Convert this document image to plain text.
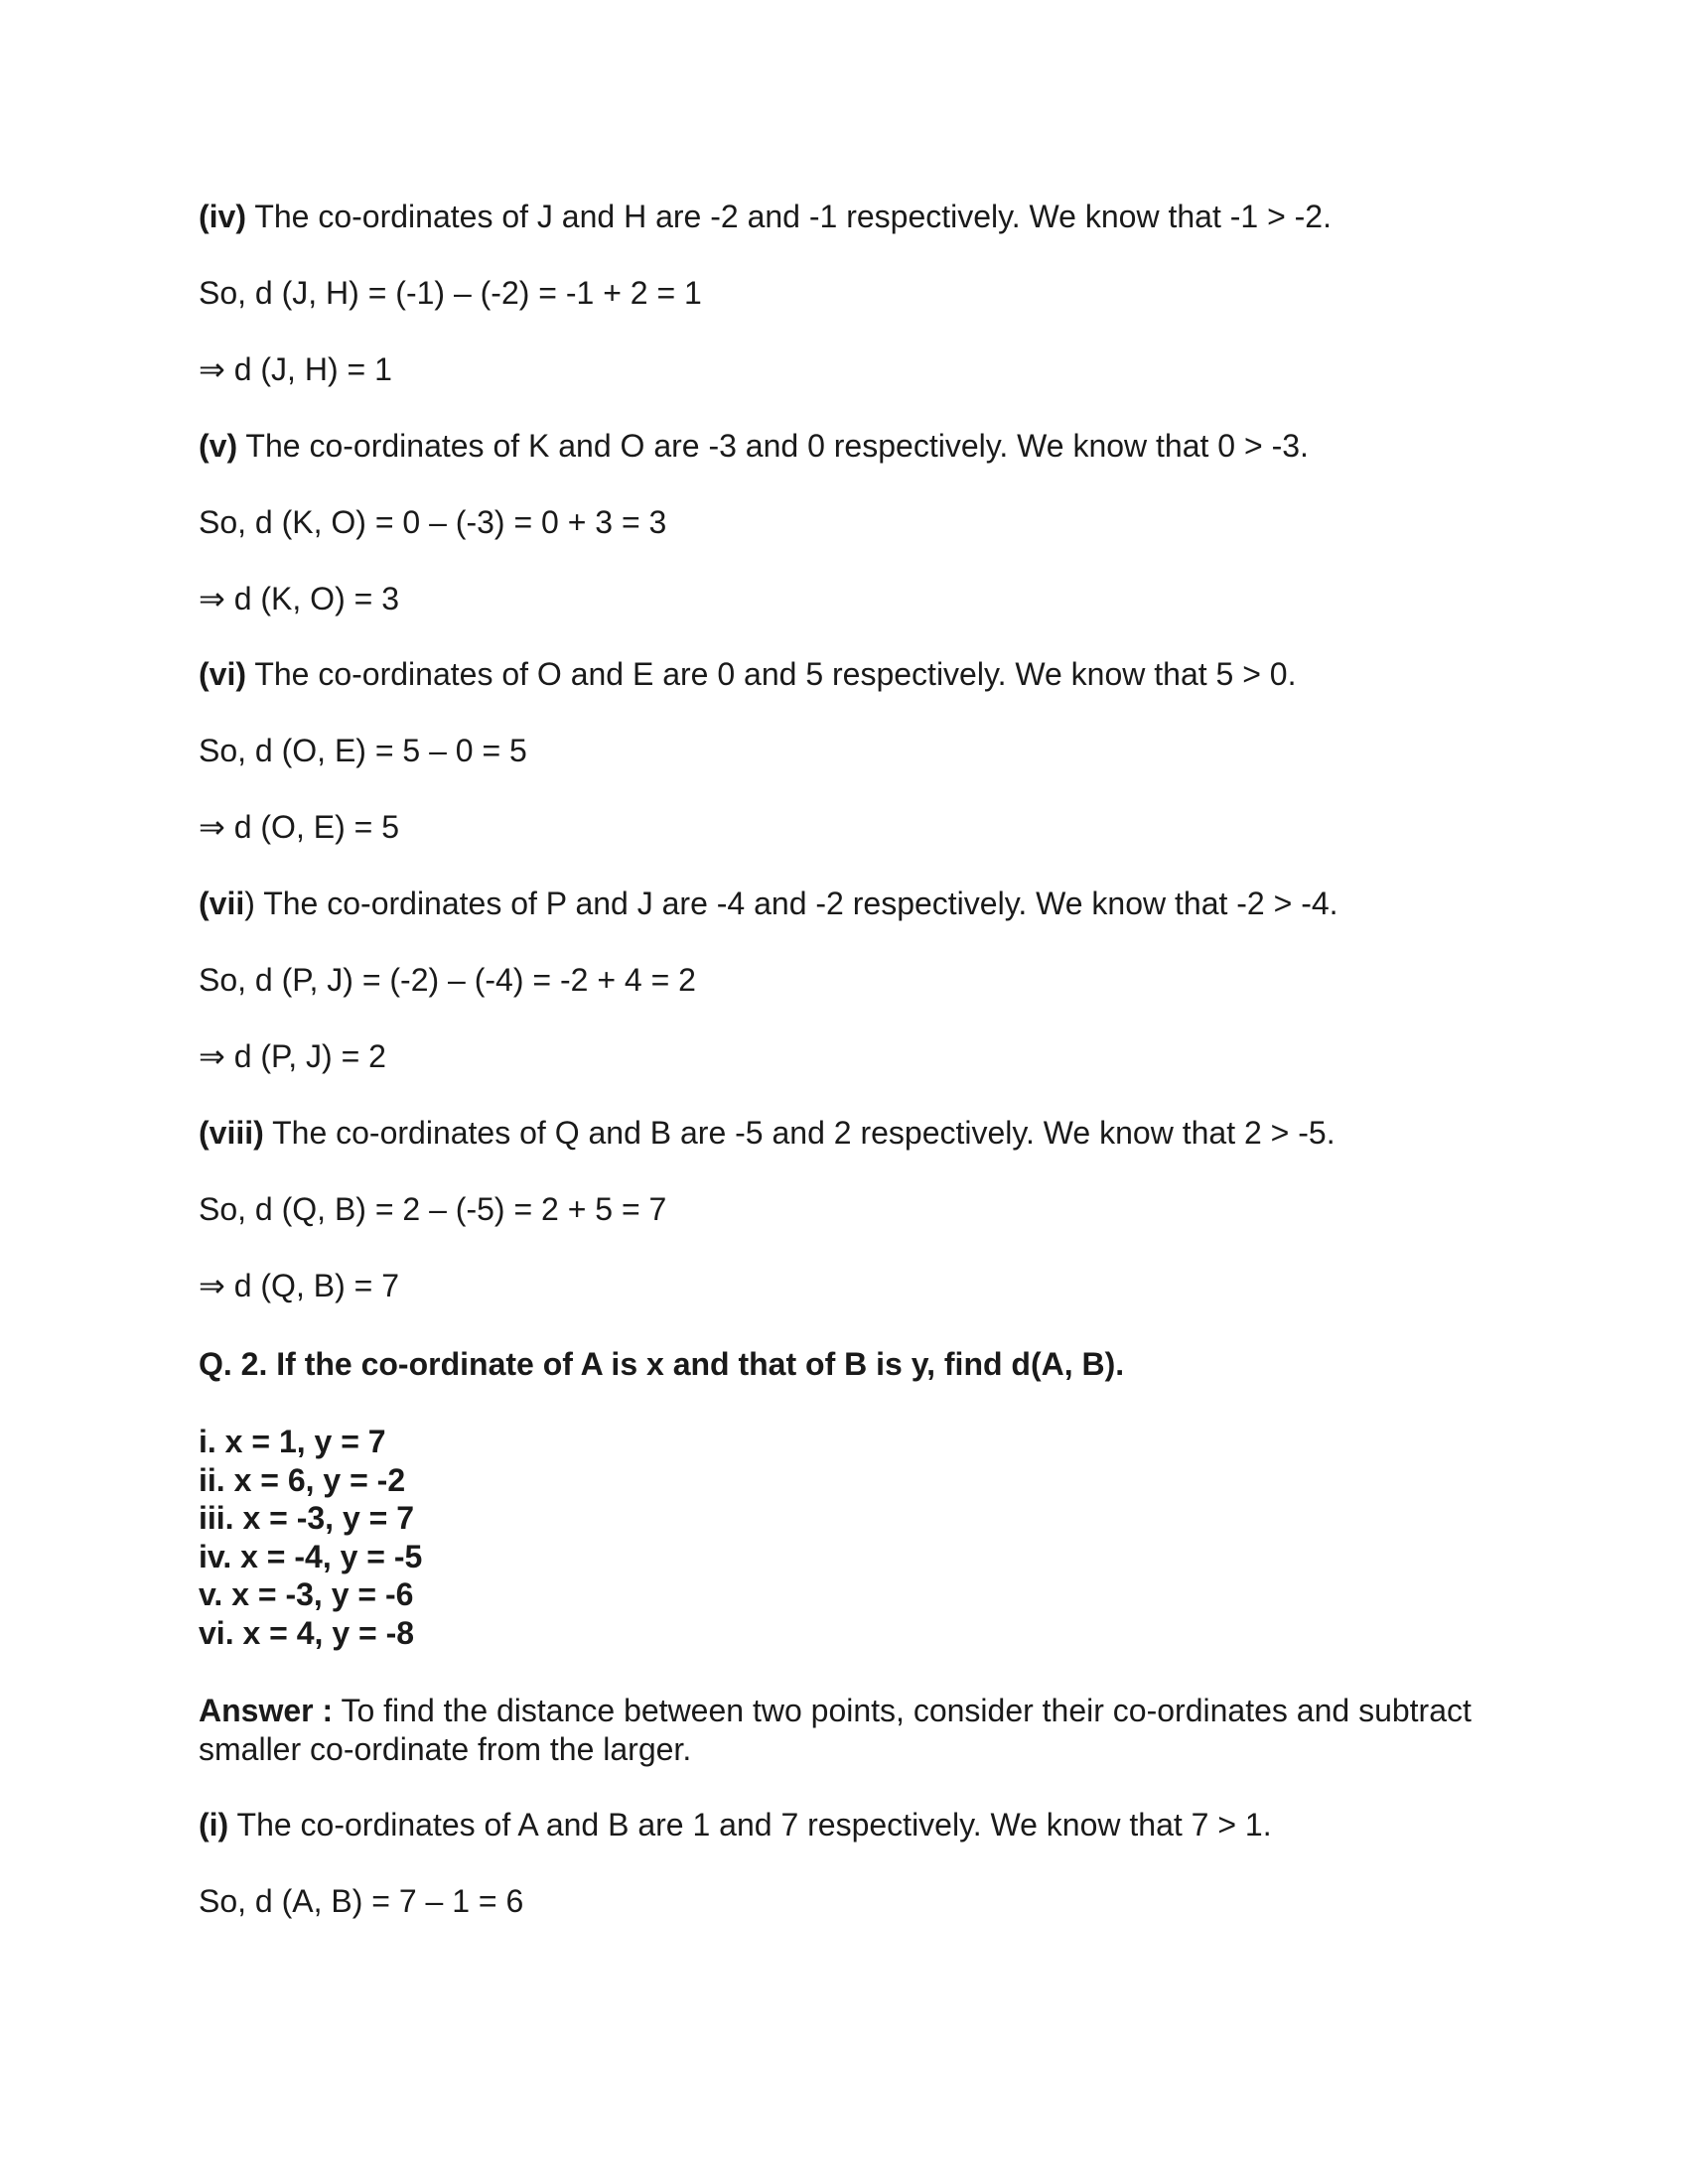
(iv) The co-ordinates of J and H are -2 and -1 respectively. We know that -1 > -2.

So, d (J, H) = (-1) – (-2) = -1 + 2 = 1

⇒ d (J, H) = 1

(v) The co-ordinates of K and O are -3 and 0 respectively. We know that 0 > -3.

So, d (K, O) = 0 – (-3) = 0 + 3 = 3

⇒ d (K, O) = 3

(vi) The co-ordinates of O and E are 0 and 5 respectively. We know that 5 > 0.

So, d (O, E) = 5 – 0 = 5

⇒ d (O, E) = 5

(vii) The co-ordinates of P and J are -4 and -2 respectively. We know that -2 > -4.

So, d (P, J) = (-2) – (-4) = -2 + 4 = 2

⇒ d (P, J) = 2

(viii) The co-ordinates of Q and B are -5 and 2 respectively. We know that 2 > -5.

So, d (Q, B) = 2 – (-5) = 2 + 5 = 7

⇒ d (Q, B) = 7

Q. 2. If the co-ordinate of A is x and that of B is y, find d(A, B).

i. x = 1, y = 7
ii. x = 6, y = -2
iii. x = -3, y = 7
iv. x = -4, y = -5
v. x = -3, y = -6
vi. x = 4, y = -8

Answer : To find the distance between two points, consider their co-ordinates and subtract smaller co-ordinate from the larger.

(i) The co-ordinates of A and B are 1 and 7 respectively. We know that 7 > 1.

So, d (A, B) = 7 – 1 = 6
